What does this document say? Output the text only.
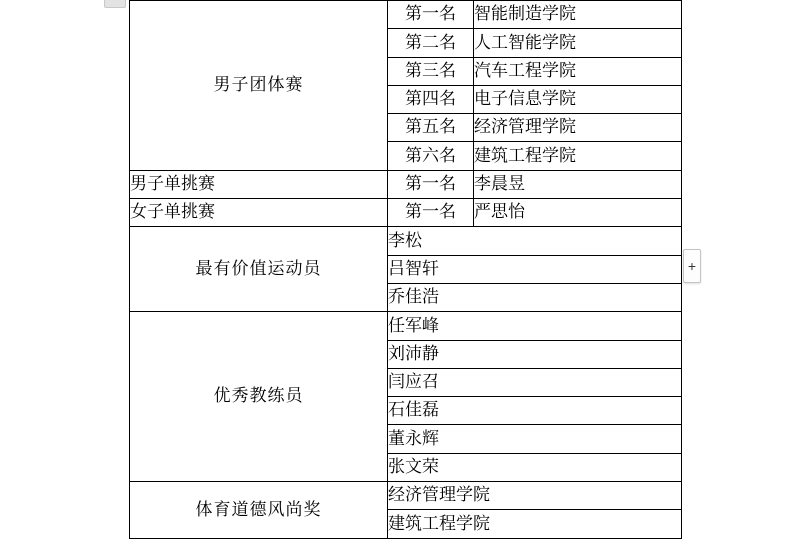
男子团体赛	第一名	智能制造学院
	第二名	人工智能学院
	第三名	汽车工程学院
	第四名	电子信息学院
	第五名	经济管理学院
	第六名	建筑工程学院
男子单挑赛	第一名	李晨昱
女子单挑赛	第一名	严思怡
最有价值运动员	李松	
	吕智轩	
	乔佳浩	
优秀教练员	任军峰	
	刘沛静	
	闫应召	
	石佳磊	
	董永辉	
	张文荣	
体育道德风尚奖	经济管理学院	
	建筑工程学院	
+
